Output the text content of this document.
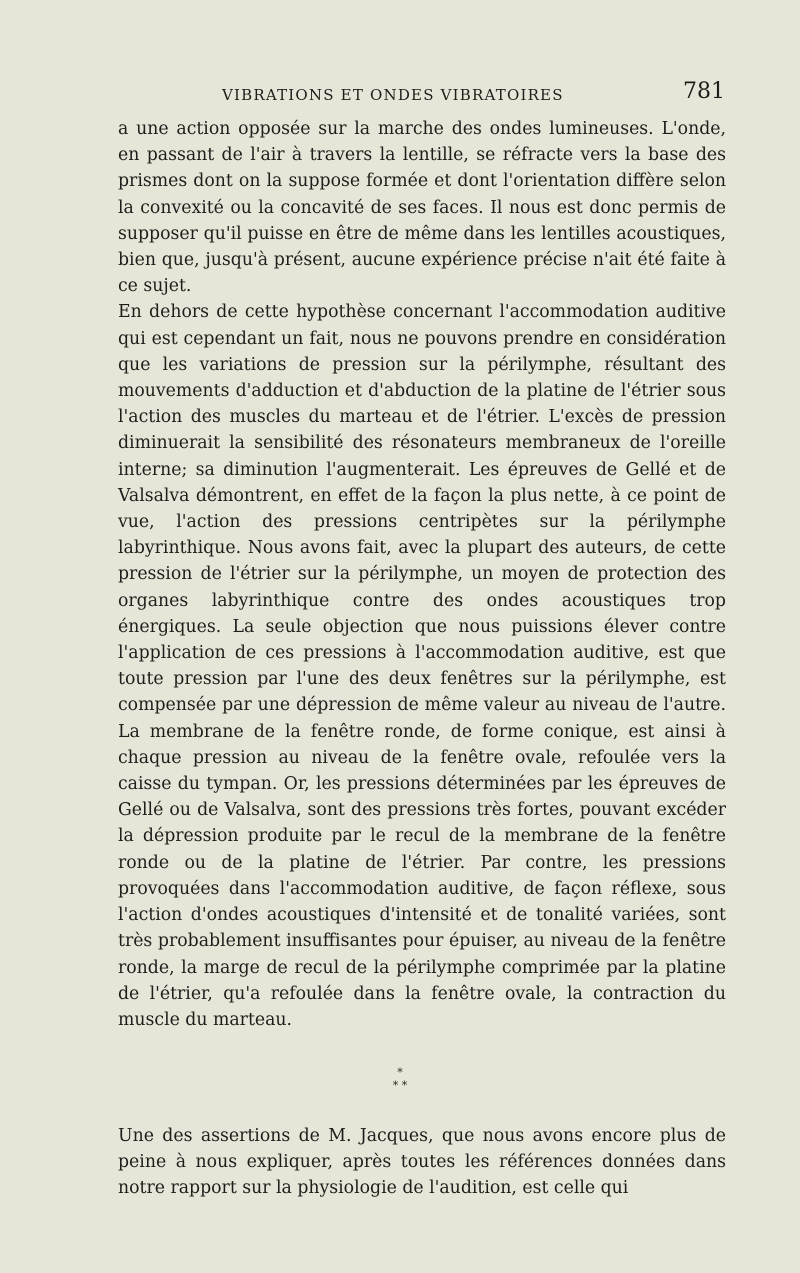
VIBRATIONS ET ONDES VIBRATOIRES	781

a une action opposée sur la marche des ondes lumineuses. L'onde, en passant de l'air à travers la lentille, se réfracte vers la base des prismes dont on la suppose formée et dont l'orientation diffère selon la convexité ou la concavité de ses faces. Il nous est donc permis de supposer qu'il puisse en être de même dans les lentilles acoustiques, bien que, jusqu'à présent, aucune expérience précise n'ait été faite à ce sujet.

En dehors de cette hypothèse concernant l'accommodation auditive qui est cependant un fait, nous ne pouvons prendre en considération que les variations de pression sur la périlymphe, résultant des mouvements d'adduction et d'abduction de la platine de l'étrier sous l'action des muscles du marteau et de l'étrier. L'excès de pression diminuerait la sensibilité des résonateurs membraneux de l'oreille interne; sa diminution l'augmenterait. Les épreuves de Gellé et de Valsalva démontrent, en effet de la façon la plus nette, à ce point de vue, l'action des pressions centripètes sur la périlymphe labyrinthique. Nous avons fait, avec la plupart des auteurs, de cette pression de l'étrier sur la périlymphe, un moyen de protection des organes labyrinthique contre des ondes acoustiques trop énergiques. La seule objection que nous puissions élever contre l'application de ces pressions à l'accommodation auditive, est que toute pression par l'une des deux fenêtres sur la périlymphe, est compensée par une dépression de même valeur au niveau de l'autre. La membrane de la fenêtre ronde, de forme conique, est ainsi à chaque pression au niveau de la fenêtre ovale, refoulée vers la caisse du tympan. Or, les pressions déterminées par les épreuves de Gellé ou de Valsalva, sont des pressions très fortes, pouvant excéder la dépression produite par le recul de la membrane de la fenêtre ronde ou de la platine de l'étrier. Par contre, les pressions provoquées dans l'accommodation auditive, de façon réflexe, sous l'action d'ondes acoustiques d'intensité et de tonalité variées, sont très probablement insuffisantes pour épuiser, au niveau de la fenêtre ronde, la marge de recul de la périlymphe comprimée par la platine de l'étrier, qu'a refoulée dans la fenêtre ovale, la contraction du muscle du marteau.

*
* *

Une des assertions de M. Jacques, que nous avons encore plus de peine à nous expliquer, après toutes les références données dans notre rapport sur la physiologie de l'audition, est celle qui
